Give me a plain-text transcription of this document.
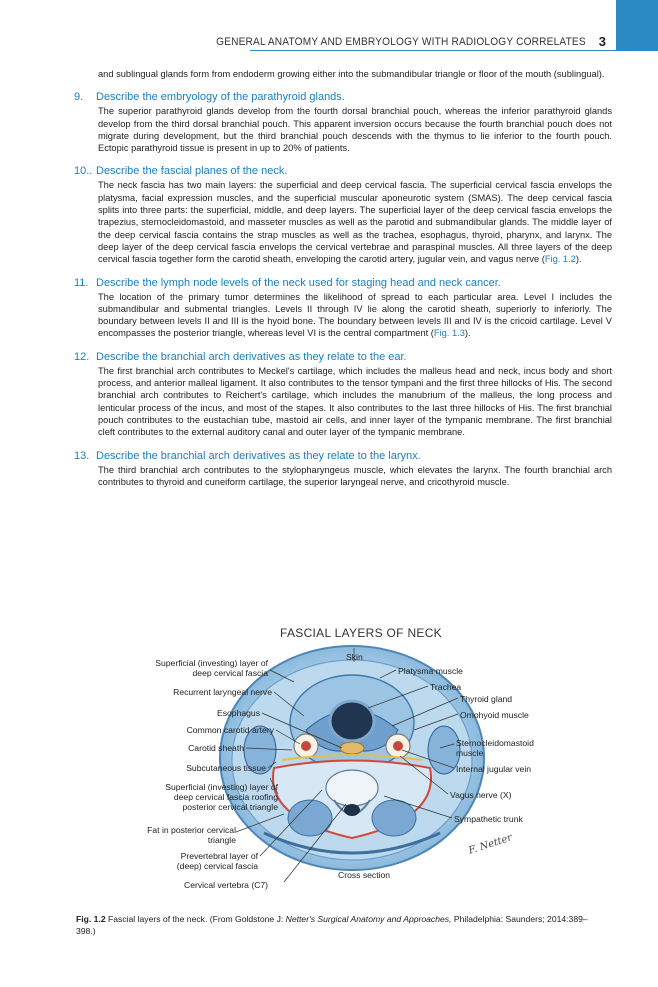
GENERAL ANATOMY AND EMBRYOLOGY WITH RADIOLOGY CORRELATES 3

and sublingual glands form from endoderm growing either into the submandibular triangle or floor of the mouth (sublingual).

9.	Describe the embryology of the parathyroid glands.

The superior parathyroid glands develop from the fourth dorsal branchial pouch, whereas the inferior parathyroid glands develop from the third dorsal branchial pouch. This apparent inversion occurs because the fourth branchial pouch does not migrate during development, but the third branchial pouch descends with the thymus to lie inferior to the fourth pouch. Ectopic parathyroid tissue is present in up to 20% of patients.

10.. Describe the fascial planes of the neck.

The neck fascia has two main layers: the superficial and deep cervical fascia. The superficial cervical fascia envelops the platysma, facial expression muscles, and the superficial muscular aponeurotic system (SMAS). The deep cervical fascia splits into three parts: the superficial, middle, and deep layers. The superficial layer of the deep cervical fascia envelops the trapezius, sternocleidomastoid, and masseter muscles as well as the parotid and submandibular glands. The middle layer of the deep cervical fascia contains the strap muscles as well as the trachea, esophagus, thyroid, pharynx, and larynx. The deep layer of the deep cervical fascia envelops the cervical vertebrae and paraspinal muscles. All three layers of the deep cervical fascia together form the carotid sheath, enveloping the carotid artery, jugular vein, and vagus nerve (Fig. 1.2).

11. Describe the lymph node levels of the neck used for staging head and neck cancer.

The location of the primary tumor determines the likelihood of spread to each particular area. Level I includes the submandibular and submental triangles. Levels II through IV lie along the carotid sheath, superiorly to inferiorly. The boundary between levels II and III is the hyoid bone. The boundary between levels III and IV is the cricoid cartilage. Level V encompasses the posterior triangle, whereas level VI is the central compartment (Fig. 1.3).

12. Describe the branchial arch derivatives as they relate to the ear.

The first branchial arch contributes to Meckel's cartilage, which includes the malleus head and neck, incus body and short process, and anterior malleal ligament. It also contributes to the tensor tympani and the first three hillocks of His. The second branchial arch contributes to Reichert's cartilage, which includes the manubrium of the malleus, the long process and lenticular process of the incus, and most of the stapes. It also contributes to the last three hillocks of His. The first branchial pouch contributes to the eustachian tube, mastoid air cells, and inner layer of the tympanic membrane. The first branchial cleft contributes to the external auditory canal and outer layer of the tympanic membrane.

13. Describe the branchial arch derivatives as they relate to the larynx.

The third branchial arch contributes to the stylopharyngeus muscle, which elevates the larynx. The fourth branchial arch contributes to thyroid and cuneiform cartilage, the superior laryngeal nerve, and cricothyroid muscle.

FASCIAL LAYERS OF NECK
Superficial (investing) layer of
deep cervical fascia
Recurrent laryngeal nerve
Esophagus
Common carotid artery
Carotid sheath
Subcutaneous tissue
Superficial (investing) layer of
deep cervical fascia roofing
posterior cervical triangle
Fat in posterior cervical
triangle
Prevertebral layer of
(deep) cervical fascia
Cervical vertebra (C7)
Skin
Platysma muscle
Trachea
Thyroid gland
Omohyoid muscle
Sternocleidomastoid
muscle
Internal jugular vein
Vagus nerve (X)
Sympathetic trunk
Cross section
F. Netter
Fig. 1.2 Fascial layers of the neck. (From Goldstone J: Netter's Surgical Anatomy and Approaches, Philadelphia: Saunders; 2014:389–398.)
